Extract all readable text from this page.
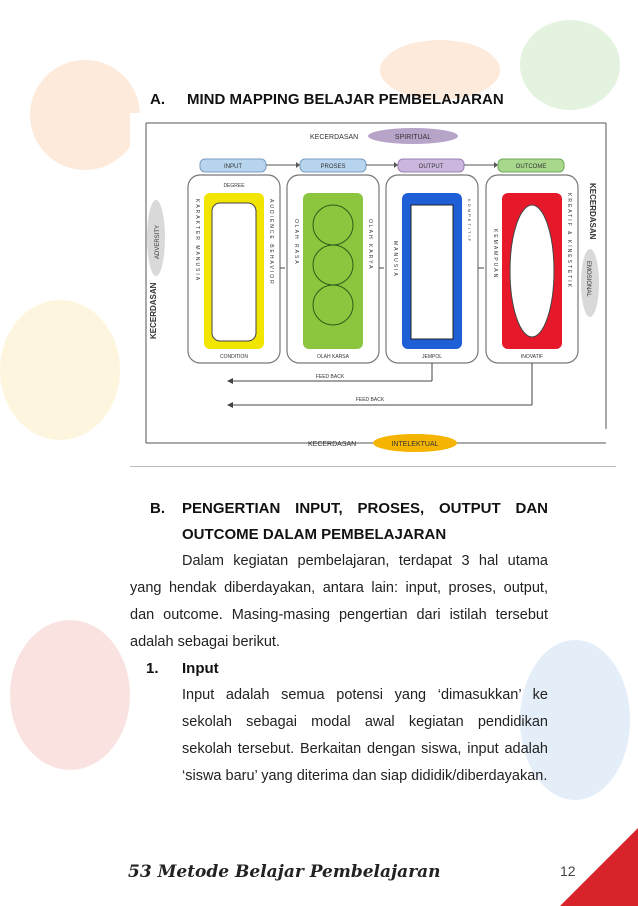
A. MIND MAPPING BELAJAR PEMBELAJARAN
KECERDASAN	SPIRITUAL
KECERDASAN
ADVERSITY
KECERDASAN
EMOSIONAL
INPUT
DEGREE
KARAKTER MANUSIA	AUDIENCE BEHAVIOR
CONDITION
PROSES
OLAH RASA	OLAH KARYA
OLAH KARSA
OUTPUT
MANUSIA
KOMPETITIF
JEMPOL
OUTCOME
KEMAMPUAN	KREATIF & KINESTETIK
INOVATIF
FEED BACK
FEED BACK
KECERDASAN	INTELEKTUAL
B. PENGERTIAN INPUT, PROSES, OUTPUT DAN
OUTCOME DALAM PEMBELAJARAN
Dalam kegiatan pembelajaran, terdapat 3 hal utama yang hendak diberdayakan, antara lain: input, proses, output, dan outcome. Masing-masing pengertian dari istilah tersebut adalah sebagai berikut.
1. Input
Input adalah semua potensi yang ‘dimasukkan’ ke sekolah sebagai modal awal kegiatan pendidikan sekolah tersebut. Berkaitan dengan siswa, input adalah ‘siswa baru’ yang diterima dan siap dididik/diberdayakan.
53 Metode Belajar Pembelajaran	12
